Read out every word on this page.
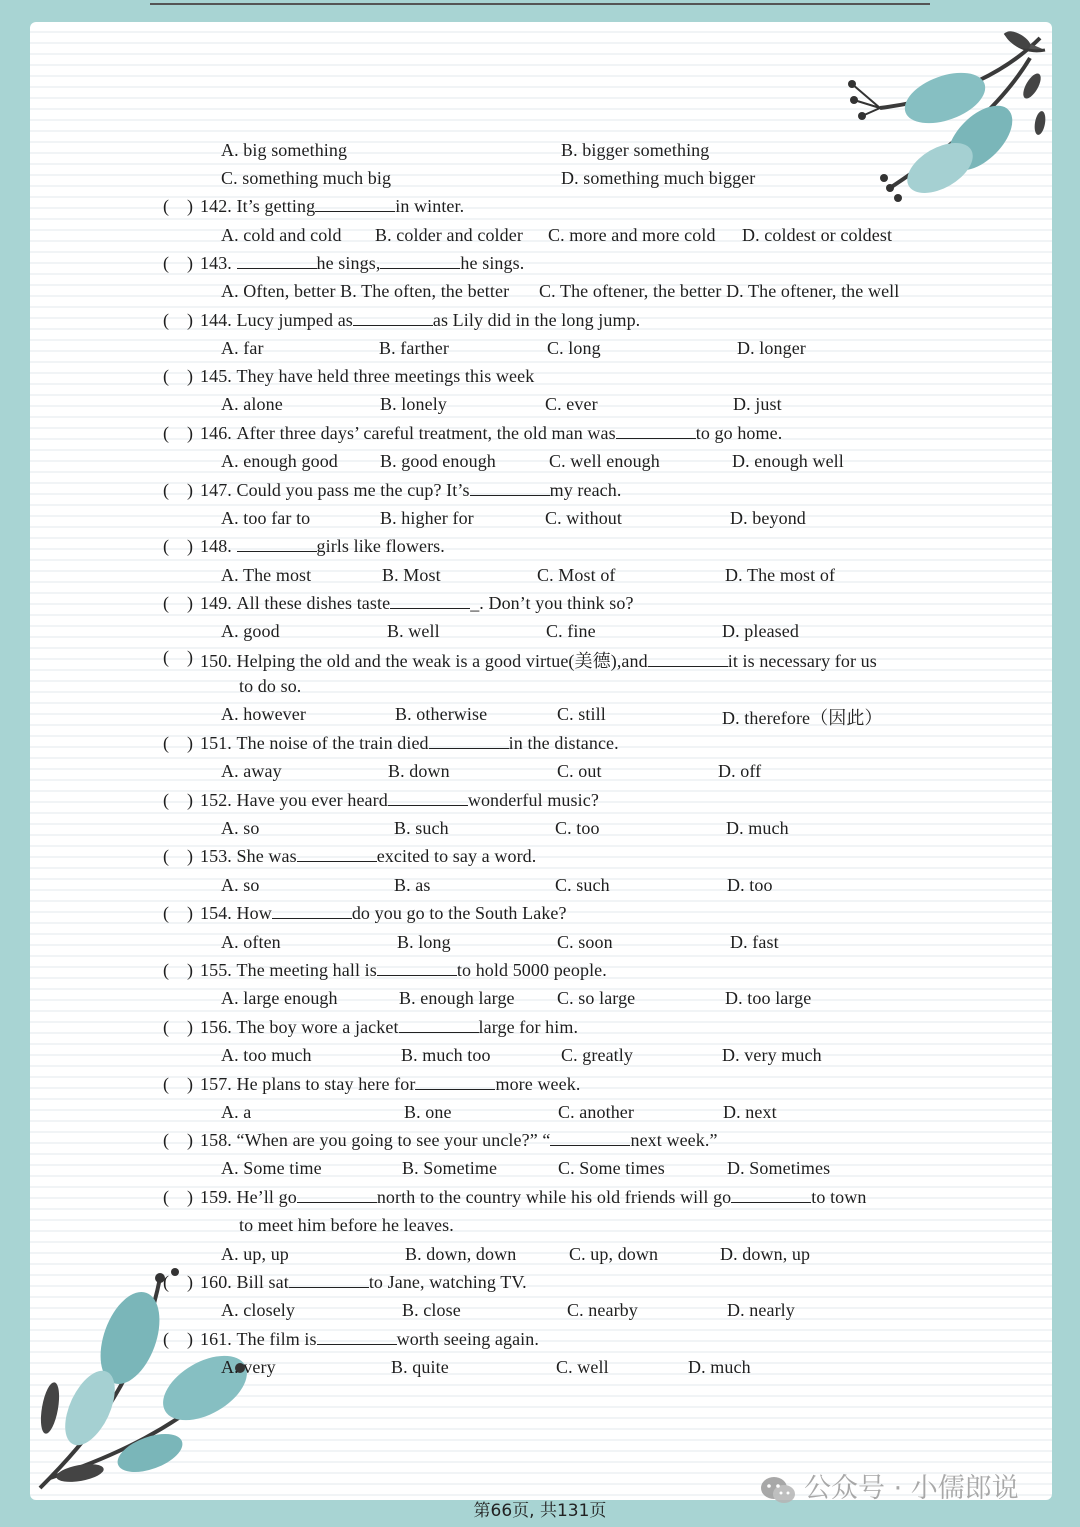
A. big something	B. bigger something
C. something much big	D. something much bigger
( ) 142. It’s getting	in winter.
A. cold and cold B. colder and colder C. more and more cold D. coldest or coldest
( ) 143.	he sings,	he sings.
A. Often, better B. The often, the better C. The oftener, the better D. The oftener, the well
( ) 144. Lucy jumped as	as Lily did in the long jump.
A. far	B. farther	C. long	D. longer
( ) 145. They have held three meetings this week
A. alone	B. lonely	C. ever	D. just
( ) 146. After three days’ careful treatment, the old man was	to go home.
A. enough good B. good enough	C. well enough	D. enough well
( ) 147. Could you pass me the cup? It’s	my reach.
A. too far to	B. higher for	C. without	D. beyond
( ) 148.	girls like flowers.
A. The most	B. Most	C. Most of	D. The most of
( ) 149. All these dishes taste	_. Don’t you think so?
A. good	B. well	C. fine	D. pleased
( ) 150. Helping the old and the weak is a good virtue(美德),and	it is necessary for us
to do so.
A. however	B. otherwise	C. still	D. therefore（因此）
( ) 151. The noise of the train died	in the distance.
A. away	B. down	C. out	D. off
( ) 152. Have you ever heard	wonderful music?
A. so	B. such	C. too	D. much
( ) 153. She was	excited to say a word.
A. so	B. as	C. such	D. too
( ) 154. How	do you go to the South Lake?
A. often	B. long	C. soon	D. fast
( ) 155. The meeting hall is	to hold 5000 people.
A. large enough	B. enough large C. so large	D. too large
( ) 156. The boy wore a jacket	large for him.
A. too much	B. much too	C. greatly	D. very much
( ) 157. He plans to stay here for	more week.
A. a	B. one	C. another	D. next
( ) 158. “When are you going to see your uncle?” “	next week.”
A. Some time	B. Sometime	C. Some times	D. Sometimes
( ) 159. He’ll go	north to the country while his old friends will go	to town
to meet him before he leaves.
A. up, up	B. down, down	C. up, down	D. down, up
( ) 160. Bill sat	to Jane, watching TV.
A. closely	B. close	C. nearby	D. nearly
( ) 161. The film is	worth seeing again.
A. very	B. quite	C. well	D. much
第66页, 共131页
公众号 · 小儒郎说
